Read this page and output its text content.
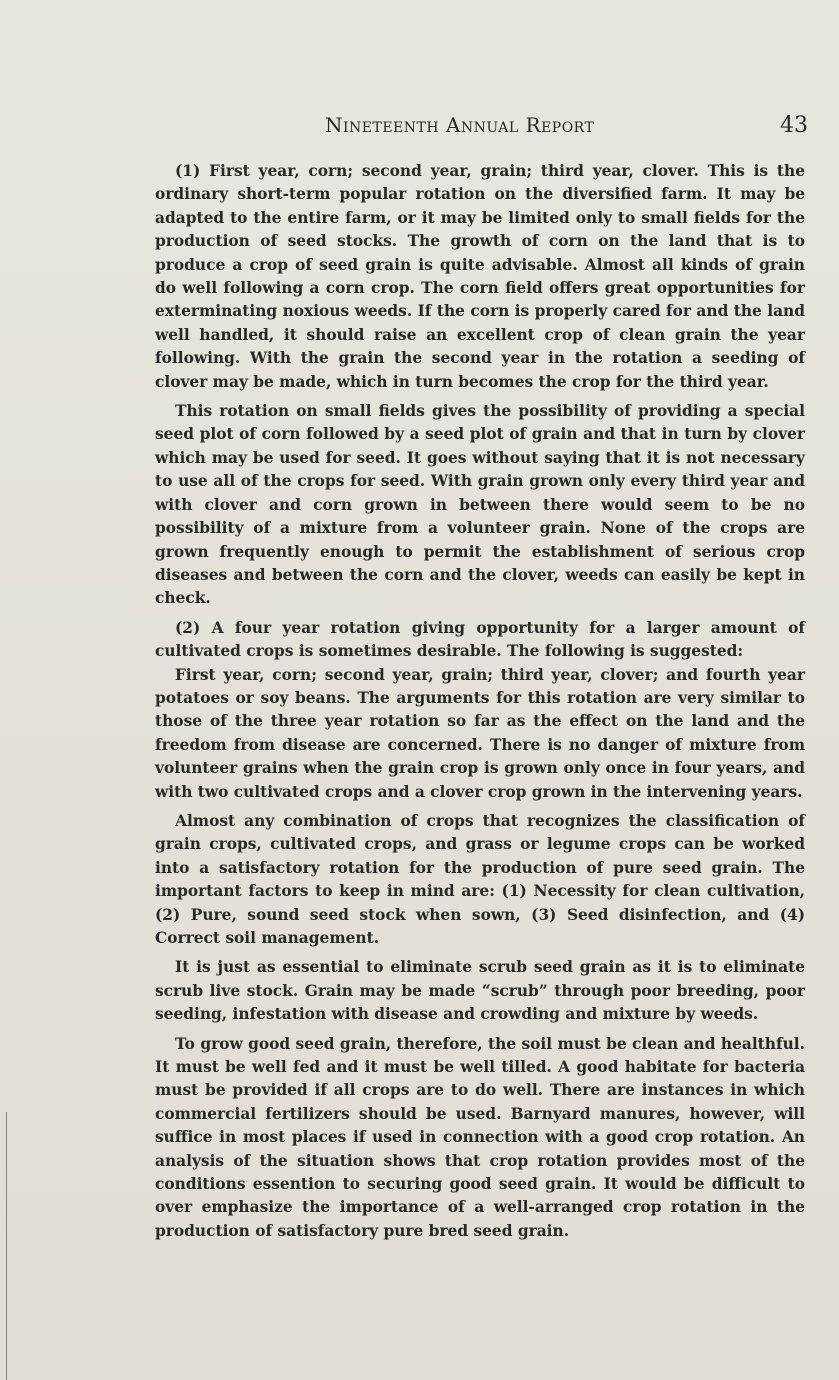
Nineteenth Annual Report	43

(1) First year, corn; second year, grain; third year, clover. This is the ordinary short-term popular rotation on the diversified farm. It may be adapted to the entire farm, or it may be limited only to small fields for the production of seed stocks. The growth of corn on the land that is to produce a crop of seed grain is quite advisable. Almost all kinds of grain do well following a corn crop. The corn field offers great opportunities for exterminating noxious weeds. If the corn is properly cared for and the land well handled, it should raise an excellent crop of clean grain the year following. With the grain the second year in the rotation a seeding of clover may be made, which in turn becomes the crop for the third year.

This rotation on small fields gives the possibility of providing a special seed plot of corn followed by a seed plot of grain and that in turn by clover which may be used for seed. It goes without saying that it is not necessary to use all of the crops for seed. With grain grown only every third year and with clover and corn grown in between there would seem to be no possibility of a mixture from a volunteer grain. None of the crops are grown frequently enough to permit the establishment of serious crop diseases and between the corn and the clover, weeds can easily be kept in check.

(2) A four year rotation giving opportunity for a larger amount of cultivated crops is sometimes desirable. The following is suggested:

First year, corn; second year, grain; third year, clover; and fourth year potatoes or soy beans. The arguments for this rotation are very similar to those of the three year rotation so far as the effect on the land and the freedom from disease are concerned. There is no danger of mixture from volunteer grains when the grain crop is grown only once in four years, and with two cultivated crops and a clover crop grown in the intervening years.

Almost any combination of crops that recognizes the classification of grain crops, cultivated crops, and grass or legume crops can be worked into a satisfactory rotation for the production of pure seed grain. The important factors to keep in mind are: (1) Necessity for clean cultivation, (2) Pure, sound seed stock when sown, (3) Seed disinfection, and (4) Correct soil management.

It is just as essential to eliminate scrub seed grain as it is to eliminate scrub live stock. Grain may be made “scrub” through poor breeding, poor seeding, infestation with disease and crowding and mixture by weeds.

To grow good seed grain, therefore, the soil must be clean and healthful. It must be well fed and it must be well tilled. A good habitate for bacteria must be provided if all crops are to do well. There are instances in which commercial fertilizers should be used. Barnyard manures, however, will suffice in most places if used in connection with a good crop rotation. An analysis of the situation shows that crop rotation provides most of the conditions essention to securing good seed grain. It would be difficult to over emphasize the importance of a well-arranged crop rotation in the production of satisfactory pure bred seed grain.
